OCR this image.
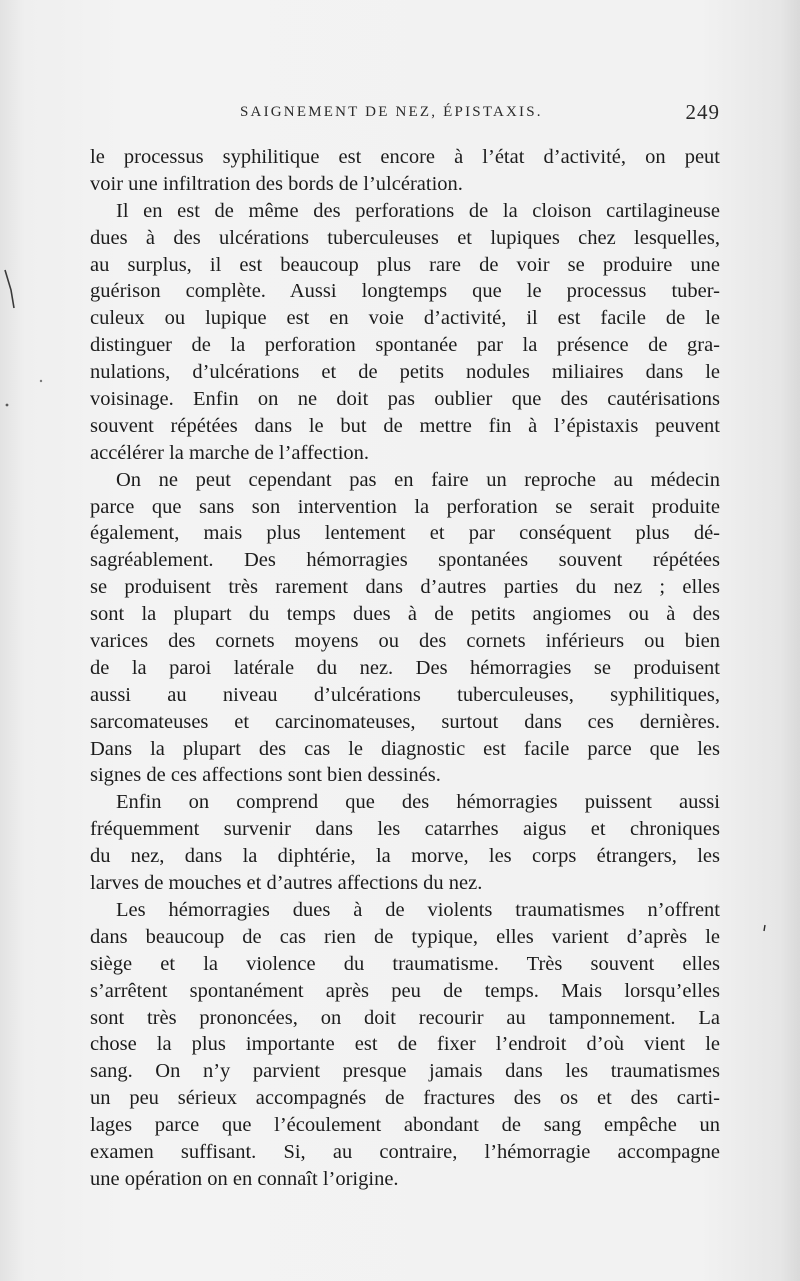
SAIGNEMENT DE NEZ, ÉPISTAXIS.	249
le processus syphilitique est encore à l’état d’activité, on peut
voir une infiltration des bords de l’ulcération.
Il en est de même des perforations de la cloison cartilagineuse
dues à des ulcérations tuberculeuses et lupiques chez lesquelles,
au surplus, il est beaucoup plus rare de voir se produire une
guérison complète. Aussi longtemps que le processus tuber-
culeux ou lupique est en voie d’activité, il est facile de le
distinguer de la perforation spontanée par la présence de gra-
nulations, d’ulcérations et de petits nodules miliaires dans le
voisinage. Enfin on ne doit pas oublier que des cautérisations
souvent répétées dans le but de mettre fin à l’épistaxis peuvent
accélérer la marche de l’affection.
On ne peut cependant pas en faire un reproche au médecin
parce que sans son intervention la perforation se serait produite
également, mais plus lentement et par conséquent plus dé-
sagréablement. Des hémorragies spontanées souvent répétées
se produisent très rarement dans d’autres parties du nez ; elles
sont la plupart du temps dues à de petits angiomes ou à des
varices des cornets moyens ou des cornets inférieurs ou bien
de la paroi latérale du nez. Des hémorragies se produisent
aussi au niveau d’ulcérations tuberculeuses, syphilitiques,
sarcomateuses et carcinomateuses, surtout dans ces dernières.
Dans la plupart des cas le diagnostic est facile parce que les
signes de ces affections sont bien dessinés.
Enfin on comprend que des hémorragies puissent aussi
fréquemment survenir dans les catarrhes aigus et chroniques
du nez, dans la diphtérie, la morve, les corps étrangers, les
larves de mouches et d’autres affections du nez.
Les hémorragies dues à de violents traumatismes n’offrent
dans beaucoup de cas rien de typique, elles varient d’après le
siège et la violence du traumatisme. Très souvent elles
s’arrêtent spontanément après peu de temps. Mais lorsqu’elles
sont très prononcées, on doit recourir au tamponnement. La
chose la plus importante est de fixer l’endroit d’où vient le
sang. On n’y parvient presque jamais dans les traumatismes
un peu sérieux accompagnés de fractures des os et des carti-
lages parce que l’écoulement abondant de sang empêche un
examen suffisant. Si, au contraire, l’hémorragie accompagne
une opération on en connaît l’origine.
